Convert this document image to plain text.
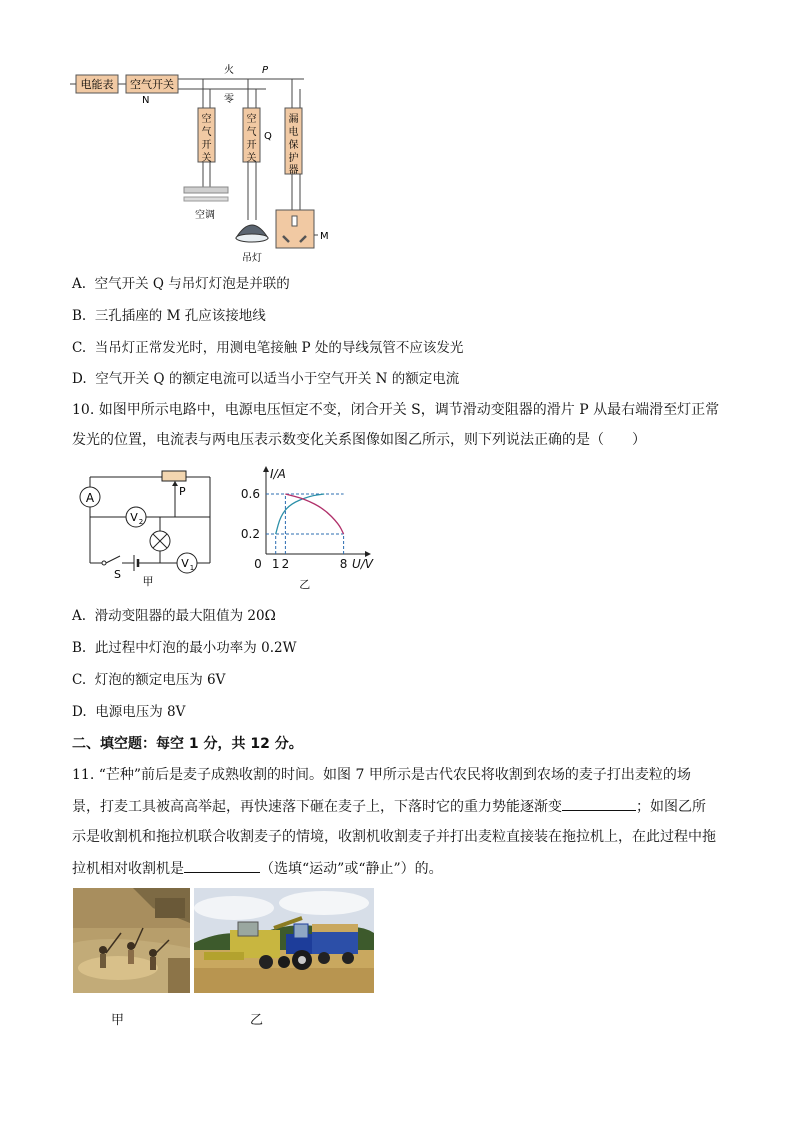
电能表 空气开关
N
火	P
零
空
气
开
关
空
气
开
关
Q
漏
电
保
护
器
空调
吊灯
M
A. 空气开关 Q 与吊灯灯泡是并联的
B. 三孔插座的 M 孔应该接地线
C. 当吊灯正常发光时，用测电笔接触 P 处的导线氖管不应该发光
D. 空气开关 Q 的额定电流可以适当小于空气开关 N 的额定电流
10. 如图甲所示电路中，电源电压恒定不变，闭合开关 S，调节滑动变阻器的滑片 P 从最右端滑至灯正常
发光的位置，电流表与两电压表示数变化关系图像如图乙所示，则下列说法正确的是（　　）
A	P
V 2
S
V 1
甲
0 1 2	8
0.6
0.2
I/A
U/V
乙
A. 滑动变阻器的最大阻值为 20Ω
B. 此过程中灯泡的最小功率为 0.2W
C. 灯泡的额定电压为 6V
D. 电源电压为 8V
二、填空题：每空 1 分，共 12 分。
11. “芒种”前后是麦子成熟收割的时间。如图 7 甲所示是古代农民将收割到农场的麦子打出麦粒的场
景，打麦工具被高高举起，再快速落下砸在麦子上，下落时它的重力势能逐渐变	；如图乙所
示是收割机和拖拉机联合收割麦子的情境，收割机收割麦子并打出麦粒直接装在拖拉机上，在此过程中拖
拉机相对收割机是	（选填“运动”或“静止”）的。
甲	乙
